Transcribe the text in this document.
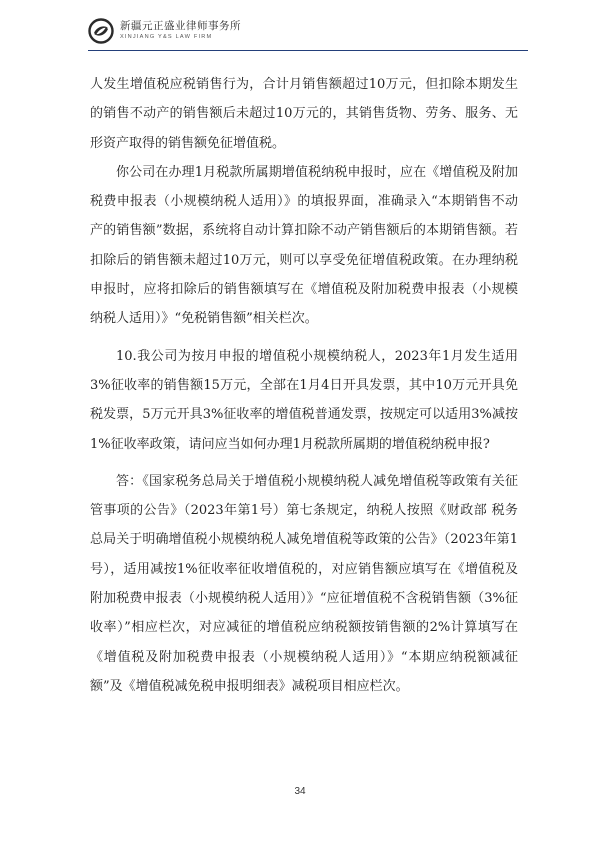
新疆元正盛业律师事务所
XINJIANG Y&S LAW FIRM

人发生增值税应税销售行为，合计月销售额超过10万元，但扣除本期发生的销售不动产的销售额后未超过10万元的，其销售货物、劳务、服务、无形资产取得的销售额免征增值税。

你公司在办理1月税款所属期增值税纳税申报时，应在《增值税及附加税费申报表（小规模纳税人适用）》的填报界面，准确录入“本期销售不动产的销售额”数据，系统将自动计算扣除不动产销售额后的本期销售额。若扣除后的销售额未超过10万元，则可以享受免征增值税政策。在办理纳税申报时，应将扣除后的销售额填写在《增值税及附加税费申报表（小规模纳税人适用）》“免税销售额”相关栏次。

10.我公司为按月申报的增值税小规模纳税人，2023年1月发生适用3%征收率的销售额15万元，全部在1月4日开具发票，其中10万元开具免税发票，5万元开具3%征收率的增值税普通发票，按规定可以适用3%减按1%征收率政策，请问应当如何办理1月税款所属期的增值税纳税申报?

答：《国家税务总局关于增值税小规模纳税人减免增值税等政策有关征管事项的公告》（2023年第1号）第七条规定，纳税人按照《财政部 税务总局关于明确增值税小规模纳税人减免增值税等政策的公告》（2023年第1号），适用减按1%征收率征收增值税的，对应销售额应填写在《增值税及附加税费申报表（小规模纳税人适用）》“应征增值税不含税销售额（3%征收率）”相应栏次，对应减征的增值税应纳税额按销售额的2%计算填写在《增值税及附加税费申报表（小规模纳税人适用）》“本期应纳税额减征额”及《增值税减免税申报明细表》减税项目相应栏次。

34
